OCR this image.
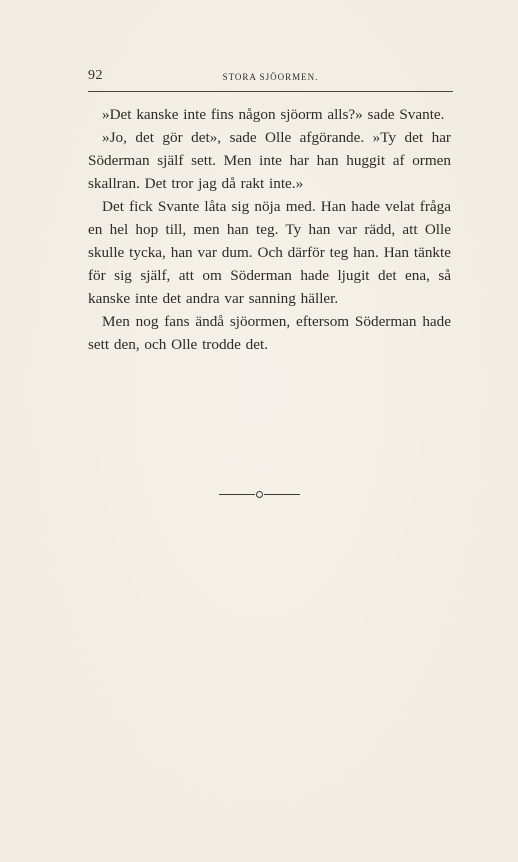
92	STORA SJÖORMEN.

»Det kanske inte fins någon sjöorm alls?» sade Svante.

»Jo, det gör det», sade Olle afgörande. »Ty det har Söderman själf sett. Men inte har han huggit af ormen skallran. Det tror jag då rakt inte.»

Det fick Svante låta sig nöja med. Han hade velat fråga en hel hop till, men han teg. Ty han var rädd, att Olle skulle tycka, han var dum. Och därför teg han. Han tänkte för sig själf, att om Söderman hade ljugit det ena, så kanske inte det andra var sanning häller.

Men nog fans ändå sjöormen, eftersom Söderman hade sett den, och Olle trodde det.
